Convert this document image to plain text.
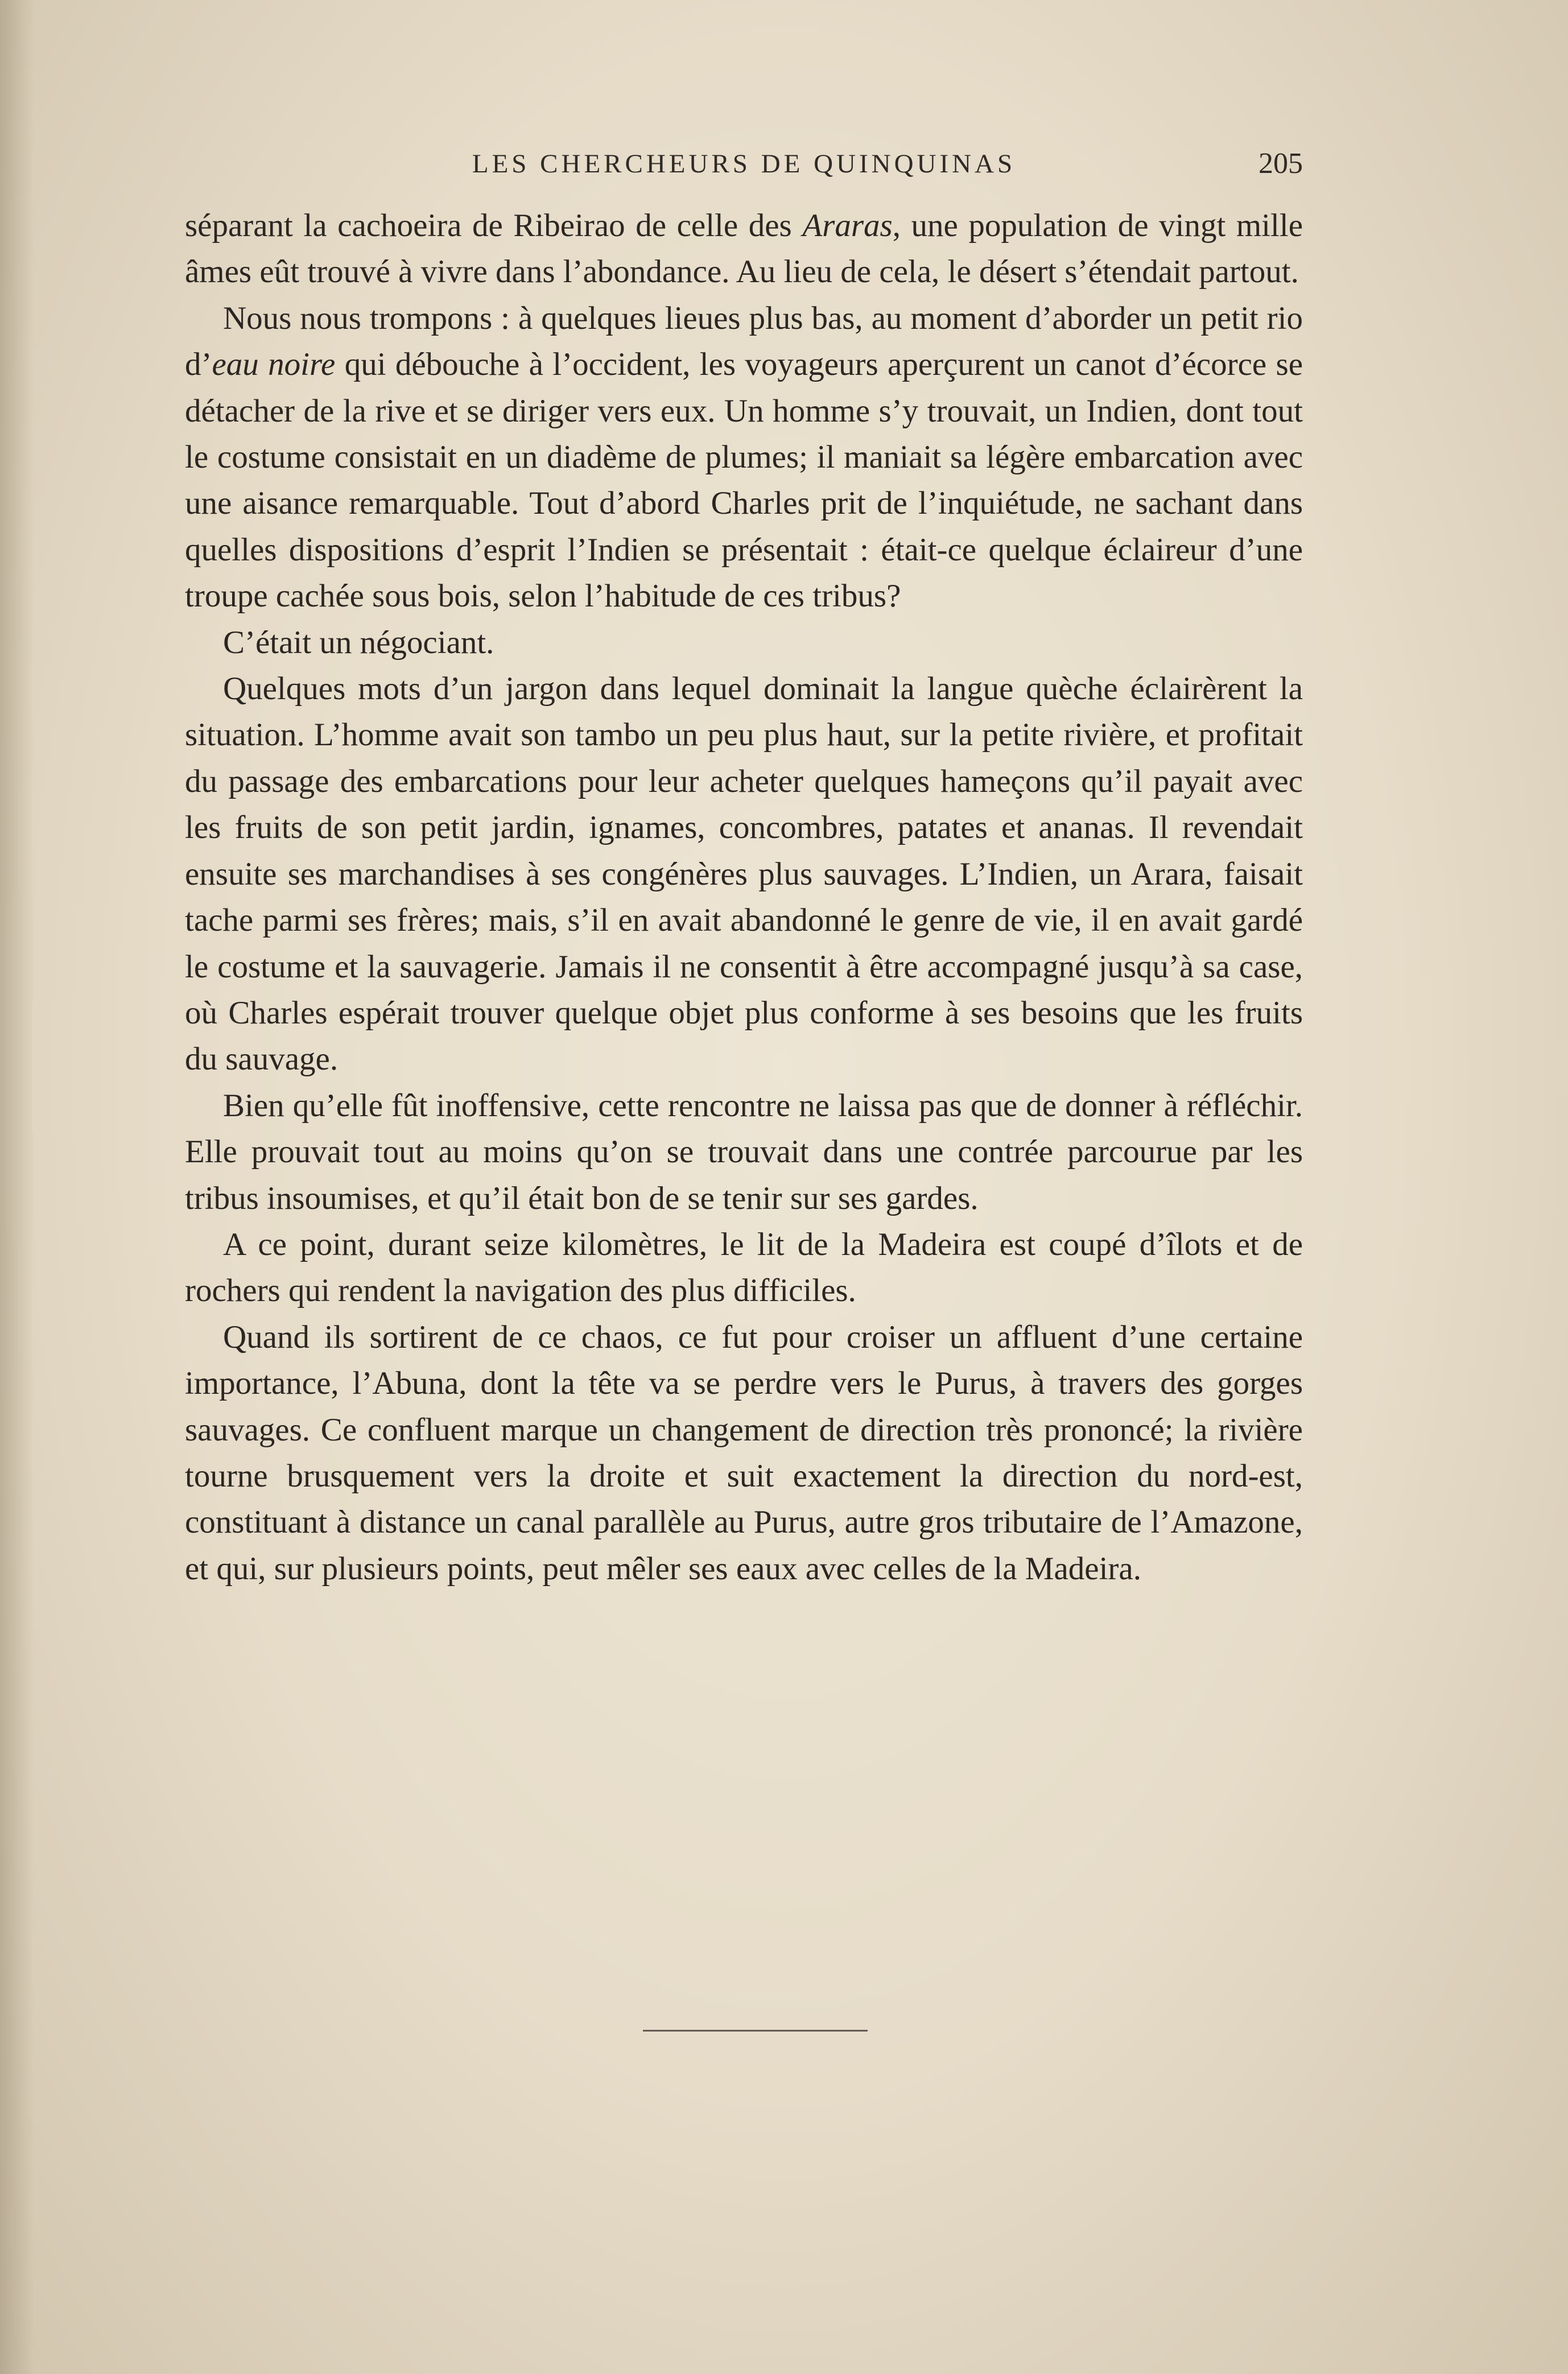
LES CHERCHEURS DE QUINQUINAS	205

séparant la cachoeira de Ribeirao de celle des Araras, une population de vingt mille âmes eût trouvé à vivre dans l’abondance. Au lieu de cela, le désert s’étendait partout.

Nous nous trompons : à quelques lieues plus bas, au moment d’aborder un petit rio d’eau noire qui débouche à l’occident, les voyageurs aperçurent un canot d’écorce se détacher de la rive et se diriger vers eux. Un homme s’y trouvait, un Indien, dont tout le costume consistait en un diadème de plumes; il maniait sa légère embarcation avec une aisance remarquable. Tout d’abord Charles prit de l’inquiétude, ne sachant dans quelles dispositions d’esprit l’Indien se présentait : était-ce quelque éclaireur d’une troupe cachée sous bois, selon l’habitude de ces tribus?

C’était un négociant.

Quelques mots d’un jargon dans lequel dominait la langue quèche éclairèrent la situation. L’homme avait son tambo un peu plus haut, sur la petite rivière, et profitait du passage des embarcations pour leur acheter quelques hameçons qu’il payait avec les fruits de son petit jardin, ignames, concombres, patates et ananas. Il revendait ensuite ses marchandises à ses congénères plus sauvages. L’Indien, un Arara, faisait tache parmi ses frères; mais, s’il en avait abandonné le genre de vie, il en avait gardé le costume et la sauvagerie. Jamais il ne consentit à être accompagné jusqu’à sa case, où Charles espérait trouver quelque objet plus conforme à ses besoins que les fruits du sauvage.

Bien qu’elle fût inoffensive, cette rencontre ne laissa pas que de donner à réfléchir. Elle prouvait tout au moins qu’on se trouvait dans une contrée parcourue par les tribus insoumises, et qu’il était bon de se tenir sur ses gardes.

A ce point, durant seize kilomètres, le lit de la Madeira est coupé d’îlots et de rochers qui rendent la navigation des plus difficiles.

Quand ils sortirent de ce chaos, ce fut pour croiser un affluent d’une certaine importance, l’Abuna, dont la tête va se perdre vers le Purus, à travers des gorges sauvages. Ce confluent marque un changement de direction très prononcé; la rivière tourne brusquement vers la droite et suit exactement la direction du nord-est, constituant à distance un canal parallèle au Purus, autre gros tributaire de l’Amazone, et qui, sur plusieurs points, peut mêler ses eaux avec celles de la Madeira.
